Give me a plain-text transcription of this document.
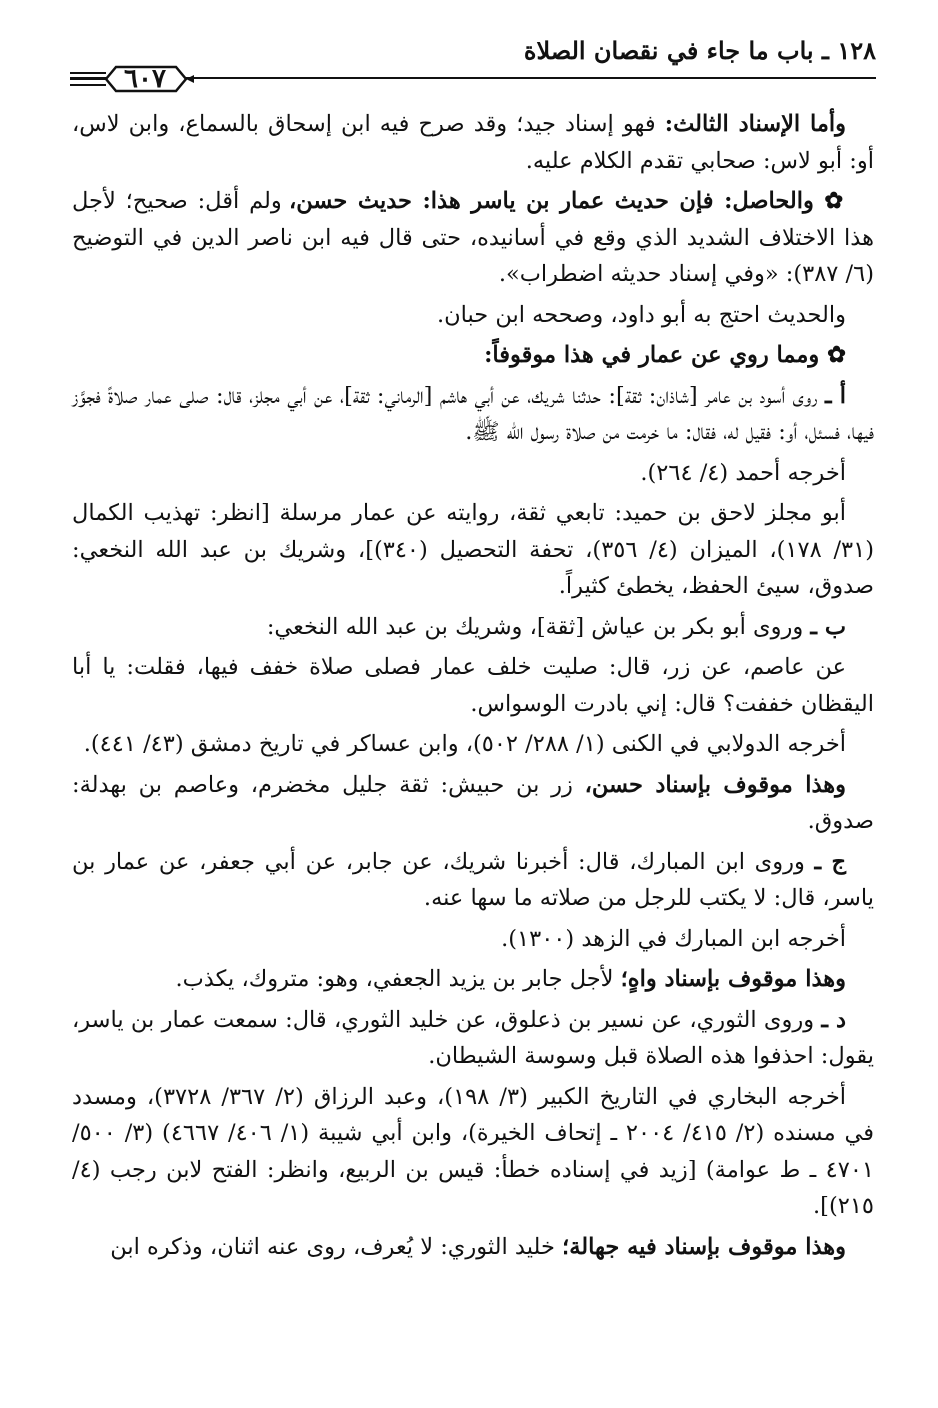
١٢٨ ـ باب ما جاء في نقصان الصلاة
٦٠٧

وأما الإسناد الثالث: فهو إسناد جيد؛ وقد صرح فيه ابن إسحاق بالسماع، وابن لاس، أو: أبو لاس: صحابي تقدم الكلام عليه.

✿ والحاصل: فإن حديث عمار بن ياسر هذا: حديث حسن، ولم أقل: صحيح؛ لأجل هذا الاختلاف الشديد الذي وقع في أسانيده، حتى قال فيه ابن ناصر الدين في التوضيح (٦/ ٣٨٧): «وفي إسناد حديثه اضطراب».

والحديث احتج به أبو داود، وصححه ابن حبان.

✿ ومما روي عن عمار في هذا موقوفاً:

أ ـ روى أسود بن عامر [شاذان: ثقة]: حدثنا شريك، عن أبي هاشم [الرماني: ثقة]، عن أبي مجلز، قال: صلى عمار صلاةً فجوَّز فيها، فسئل، أو: فقيل له، فقال: ما خرمت من صلاة رسول الله ﷺ.

أخرجه أحمد (٤/ ٢٦٤).

أبو مجلز لاحق بن حميد: تابعي ثقة، روايته عن عمار مرسلة [انظر: تهذيب الكمال (٣١/ ١٧٨)، الميزان (٤/ ٣٥٦)، تحفة التحصيل (٣٤٠)]، وشريك بن عبد الله النخعي: صدوق، سيئ الحفظ، يخطئ كثيراً.

ب ـ وروى أبو بكر بن عياش [ثقة]، وشريك بن عبد الله النخعي:

عن عاصم، عن زر، قال: صليت خلف عمار فصلى صلاة خفف فيها، فقلت: يا أبا اليقظان خففت؟ قال: إني بادرت الوسواس.

أخرجه الدولابي في الكنى (١/ ٢٨٨/ ٥٠٢)، وابن عساكر في تاريخ دمشق (٤٣/ ٤٤١).

وهذا موقوف بإسناد حسن، زر بن حبيش: ثقة جليل مخضرم، وعاصم بن بهدلة: صدوق.

ج ـ وروى ابن المبارك، قال: أخبرنا شريك، عن جابر، عن أبي جعفر، عن عمار بن ياسر، قال: لا يكتب للرجل من صلاته ما سها عنه.

أخرجه ابن المبارك في الزهد (١٣٠٠).

وهذا موقوف بإسناد واهٍ؛ لأجل جابر بن يزيد الجعفي، وهو: متروك، يكذب.

د ـ وروى الثوري، عن نسير بن ذعلوق، عن خليد الثوري، قال: سمعت عمار بن ياسر، يقول: احذفوا هذه الصلاة قبل وسوسة الشيطان.

أخرجه البخاري في التاريخ الكبير (٣/ ١٩٨)، وعبد الرزاق (٢/ ٣٦٧/ ٣٧٢٨)، ومسدد في مسنده (٢/ ٤١٥/ ٢٠٠٤ ـ إتحاف الخيرة)، وابن أبي شيبة (١/ ٤٠٦/ ٤٦٦٧) (٣/ ٥٠٠/ ٤٧٠١ ـ ط عوامة) [زيد في إسناده خطأ: قيس بن الربيع، وانظر: الفتح لابن رجب (٤/ ٢١٥)].

وهذا موقوف بإسناد فيه جهالة؛ خليد الثوري: لا يُعرف، روى عنه اثنان، وذكره ابن
